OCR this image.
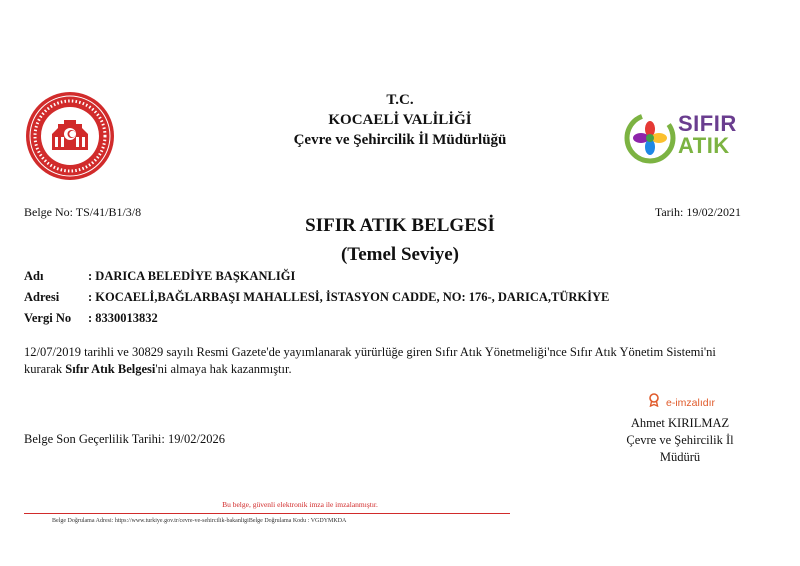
T.C.
KOCAELİ VALİLİĞİ
Çevre ve Şehircilik İl Müdürlüğü
SIFIR
ATIK
Belge No: TS/41/B1/3/8	Tarih: 19/02/2021
SIFIR ATIK BELGESİ
(Temel Seviye)
Adı	: DARICA BELEDİYE BAŞKANLIĞI
Adresi	: KOCAELİ,BAĞLARBAŞI MAHALLESİ, İSTASYON CADDE, NO: 176-, DARICA,TÜRKİYE
Vergi No	: 8330013832
12/07/2019 tarihli ve 30829 sayılı Resmi Gazete'de yayımlanarak yürürlüğe giren Sıfır Atık Yönetmeliği'nce Sıfır Atık Yönetim Sistemi'ni kurarak Sıfır Atık Belgesi'ni almaya hak kazanmıştır.
e-imzalıdır
Ahmet KIRILMAZ
Çevre ve Şehircilik İl Müdürü
Belge Son Geçerlilik Tarihi: 19/02/2026
Bu belge, güvenli elektronik imza ile imzalanmıştır.
Belge Doğrulama Adresi: https://www.turkiye.gov.tr/cevre-ve-sehircilik-bakanligiBelge Doğrulama Kodu : VGDYMKDA
